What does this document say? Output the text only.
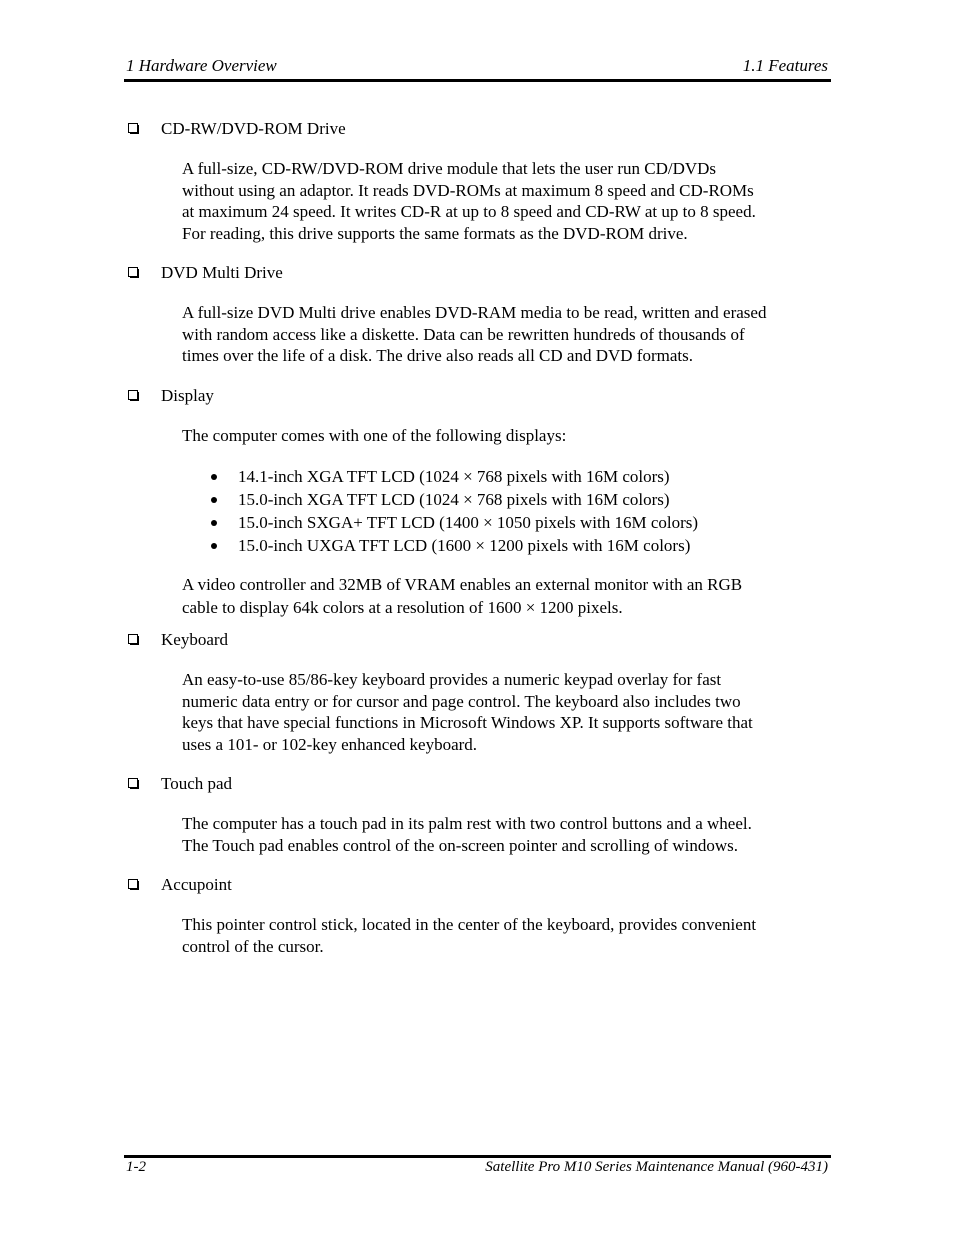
1 Hardware Overview	1.1 Features
CD-RW/DVD-ROM Drive

A full-size, CD-RW/DVD-ROM drive module that lets the user run CD/DVDs
without using an adaptor. It reads DVD-ROMs at maximum 8 speed and CD-ROMs
at maximum 24 speed. It writes CD-R at up to 8 speed and CD-RW at up to 8 speed.
For reading, this drive supports the same formats as the DVD-ROM drive.

DVD Multi Drive

A full-size DVD Multi drive enables DVD-RAM media to be read, written and erased
with random access like a diskette. Data can be rewritten hundreds of thousands of
times over the life of a disk. The drive also reads all CD and DVD formats.

Display

The computer comes with one of the following displays:

14.1-inch XGA TFT LCD (1024 × 768 pixels with 16M colors)
15.0-inch XGA TFT LCD (1024 × 768 pixels with 16M colors)
15.0-inch SXGA+ TFT LCD (1400 × 1050 pixels with 16M colors)
15.0-inch UXGA TFT LCD (1600 × 1200 pixels with 16M colors)

A video controller and 32MB of VRAM enables an external monitor with an RGB
cable to display 64k colors at a resolution of 1600 × 1200 pixels.

Keyboard

An easy-to-use 85/86-key keyboard provides a numeric keypad overlay for fast
numeric data entry or for cursor and page control. The keyboard also includes two
keys that have special functions in Microsoft Windows XP. It supports software that
uses a 101- or 102-key enhanced keyboard.

Touch pad

The computer has a touch pad in its palm rest with two control buttons and a wheel.
The Touch pad enables control of the on-screen pointer and scrolling of windows.

Accupoint

This pointer control stick, located in the center of the keyboard, provides convenient
control of the cursor.

1-2	Satellite Pro M10 Series Maintenance Manual (960-431)
